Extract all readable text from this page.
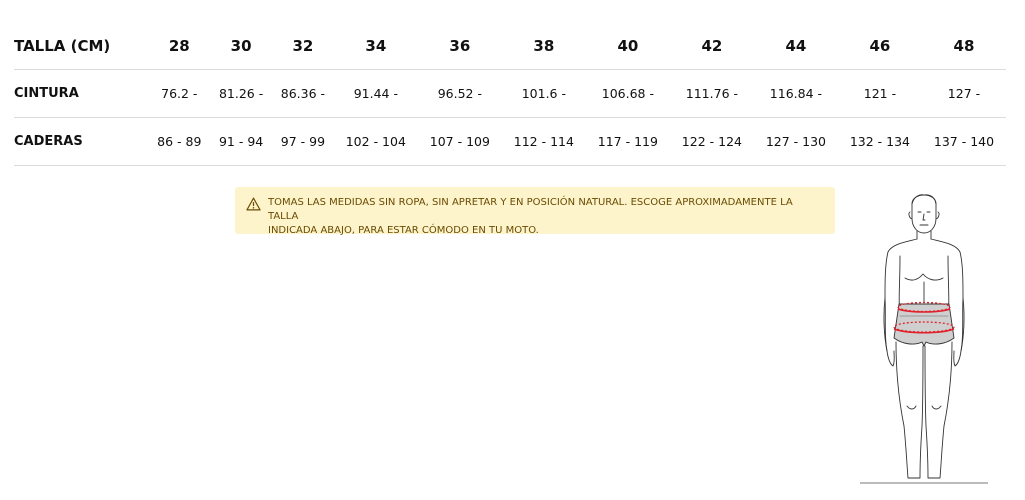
TALLA (CM)	28	30	32	34	36	38	40	42	44	46	48
CINTURA	76.2 -	81.26 -	86.36 -	91.44 -	96.52 -	101.6 -	106.68 -	111.76 -	116.84 -	121 -	127 -
CADERAS	86 - 89	91 - 94	97 - 99	102 - 104	107 - 109	112 - 114	117 - 119	122 - 124	127 - 130	132 - 134	137 - 140
TOMAS LAS MEDIDAS SIN ROPA, SIN APRETAR Y EN POSICIÓN NATURAL. ESCOGE APROXIMADAMENTE LA TALLA
INDICADA ABAJO, PARA ESTAR CÓMODO EN TU MOTO.
